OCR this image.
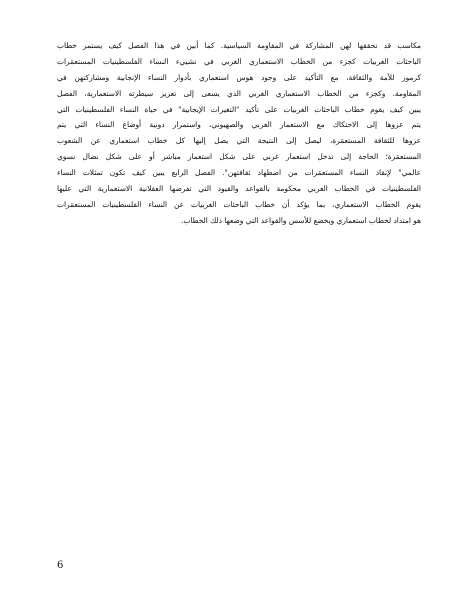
مكاسب قد تحققها لهن المشاركة في المقاومة السياسية. كما أبين في هذا الفصل كيف يستمر خطاب
الباحثات الغربيات كجزء من الخطاب الاستعماري الغربي في تشييء النساء الفلسطينيات المستعمَرات
كرموز للأمة والثقافة، مع التأكيد على وجود هوس استعماري بأدوار النساء الإنجابية ومشاركتهن في
المقاومة. وكجزء من الخطاب الاستعماري الغربي الذي يسعى إلى تعزيز سيطرته الاستعمارية، الفصل
يبين كيف يقوم خطاب الباحثات الغربيات على تأكيد "التغيرات الإيجابية" في حياة النساء الفلسطينيات التي
يتم عزوها إلى الاحتكاك مع الاستعمار الغربي والصهيوني، واستمرار دونية أوضاع النساء التي يتم
عزوها للثقافة المستعمَرة، ليصل إلى النتيجة التي يصل إليها كل خطاب استعماري عن الشعوب
المستعمَرة؛ الحاجة إلى تدخل استعمار غربي على شكل استعمار مباشر أو على شكل نضال نسوي
عالمي" لإنقاذ النساء المستعمَرات من اضطهاد ثقافتهن". الفصل الرابع يبين كيف تكون تمثلات النساء
الفلسطينيات في الخطاب الغربي محكومة بالقواعد والقيود التي تفرضها العقلانية الاستعمارية التي عليها
يقوم الخطاب الاستعماري، بما يؤكد أن خطاب الباحثات الغربيات عن النساء الفلسطينيات المستعمَرات
هو امتداد لخطاب استعماري ويخضع للأسس والقواعد التي وضعها ذلك الخطاب.
6
